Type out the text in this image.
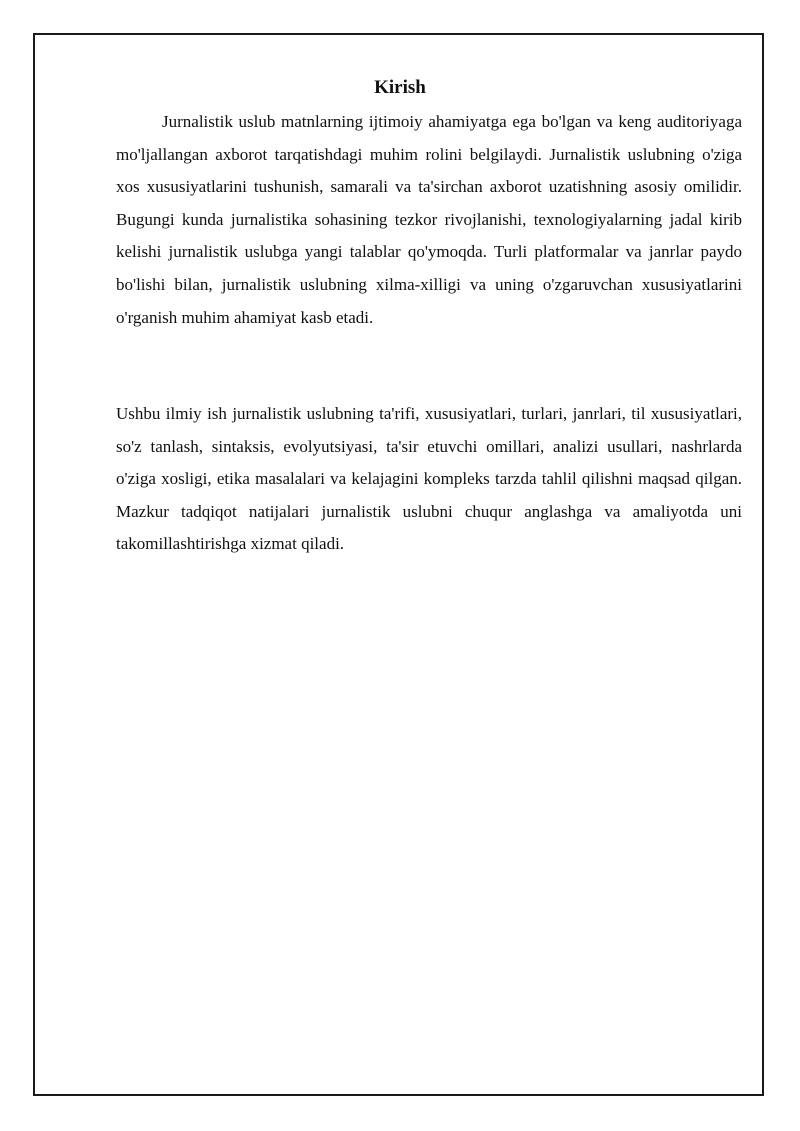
Kirish

Jurnalistik uslub matnlarning ijtimoiy ahamiyatga ega bo'lgan va keng auditoriyaga mo'ljallangan axborot tarqatishdagi muhim rolini belgilaydi. Jurnalistik uslubning o'ziga xos xususiyatlarini tushunish, samarali va ta'sirchan axborot uzatishning asosiy omilidir. Bugungi kunda jurnalistika sohasining tezkor rivojlanishi, texnologiyalarning jadal kirib kelishi jurnalistik uslubga yangi talablar qo'ymoqda. Turli platformalar va janrlar paydo bo'lishi bilan, jurnalistik uslubning xilma-xilligi va uning o'zgaruvchan xususiyatlarini o'rganish muhim ahamiyat kasb etadi.

Ushbu ilmiy ish jurnalistik uslubning ta'rifi, xususiyatlari, turlari, janrlari, til xususiyatlari, so'z tanlash, sintaksis, evolyutsiyasi, ta'sir etuvchi omillari, analizi usullari, nashrlarda o'ziga xosligi, etika masalalari va kelajagini kompleks tarzda tahlil qilishni maqsad qilgan. Mazkur tadqiqot natijalari jurnalistik uslubni chuqur anglashga va amaliyotda uni takomillashtirishga xizmat qiladi.
